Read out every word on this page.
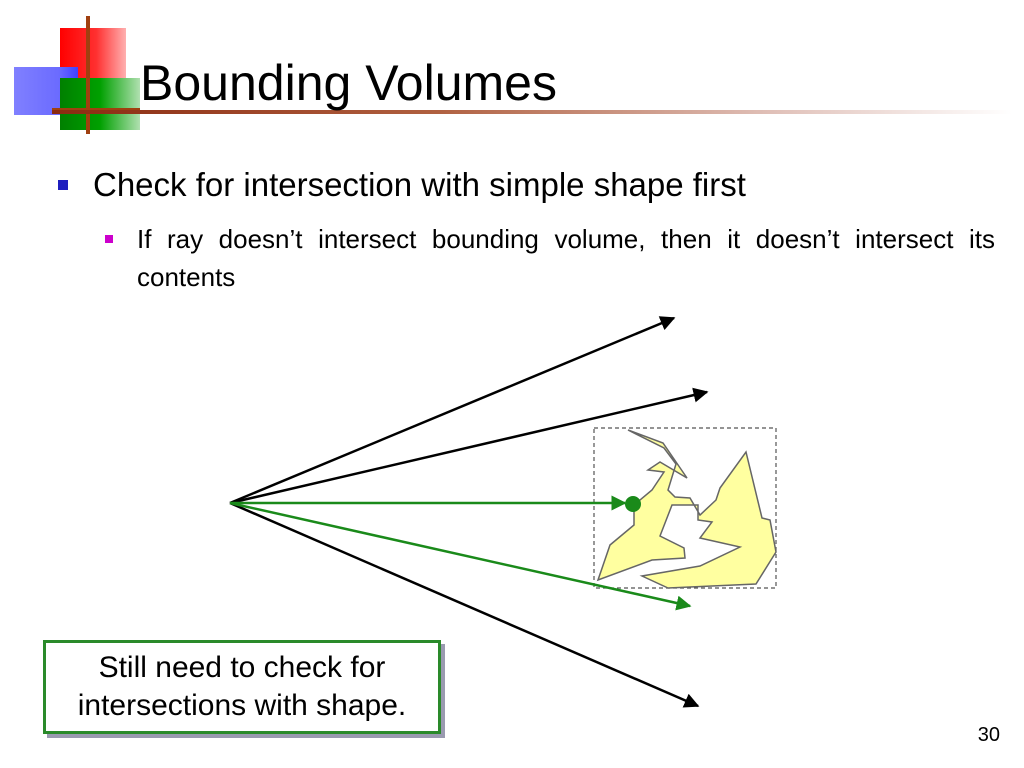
Bounding Volumes
Check for intersection with simple shape first
If ray doesn’t intersect bounding volume, then it doesn’t intersect its contents
Still need to check for
intersections with shape.
30
